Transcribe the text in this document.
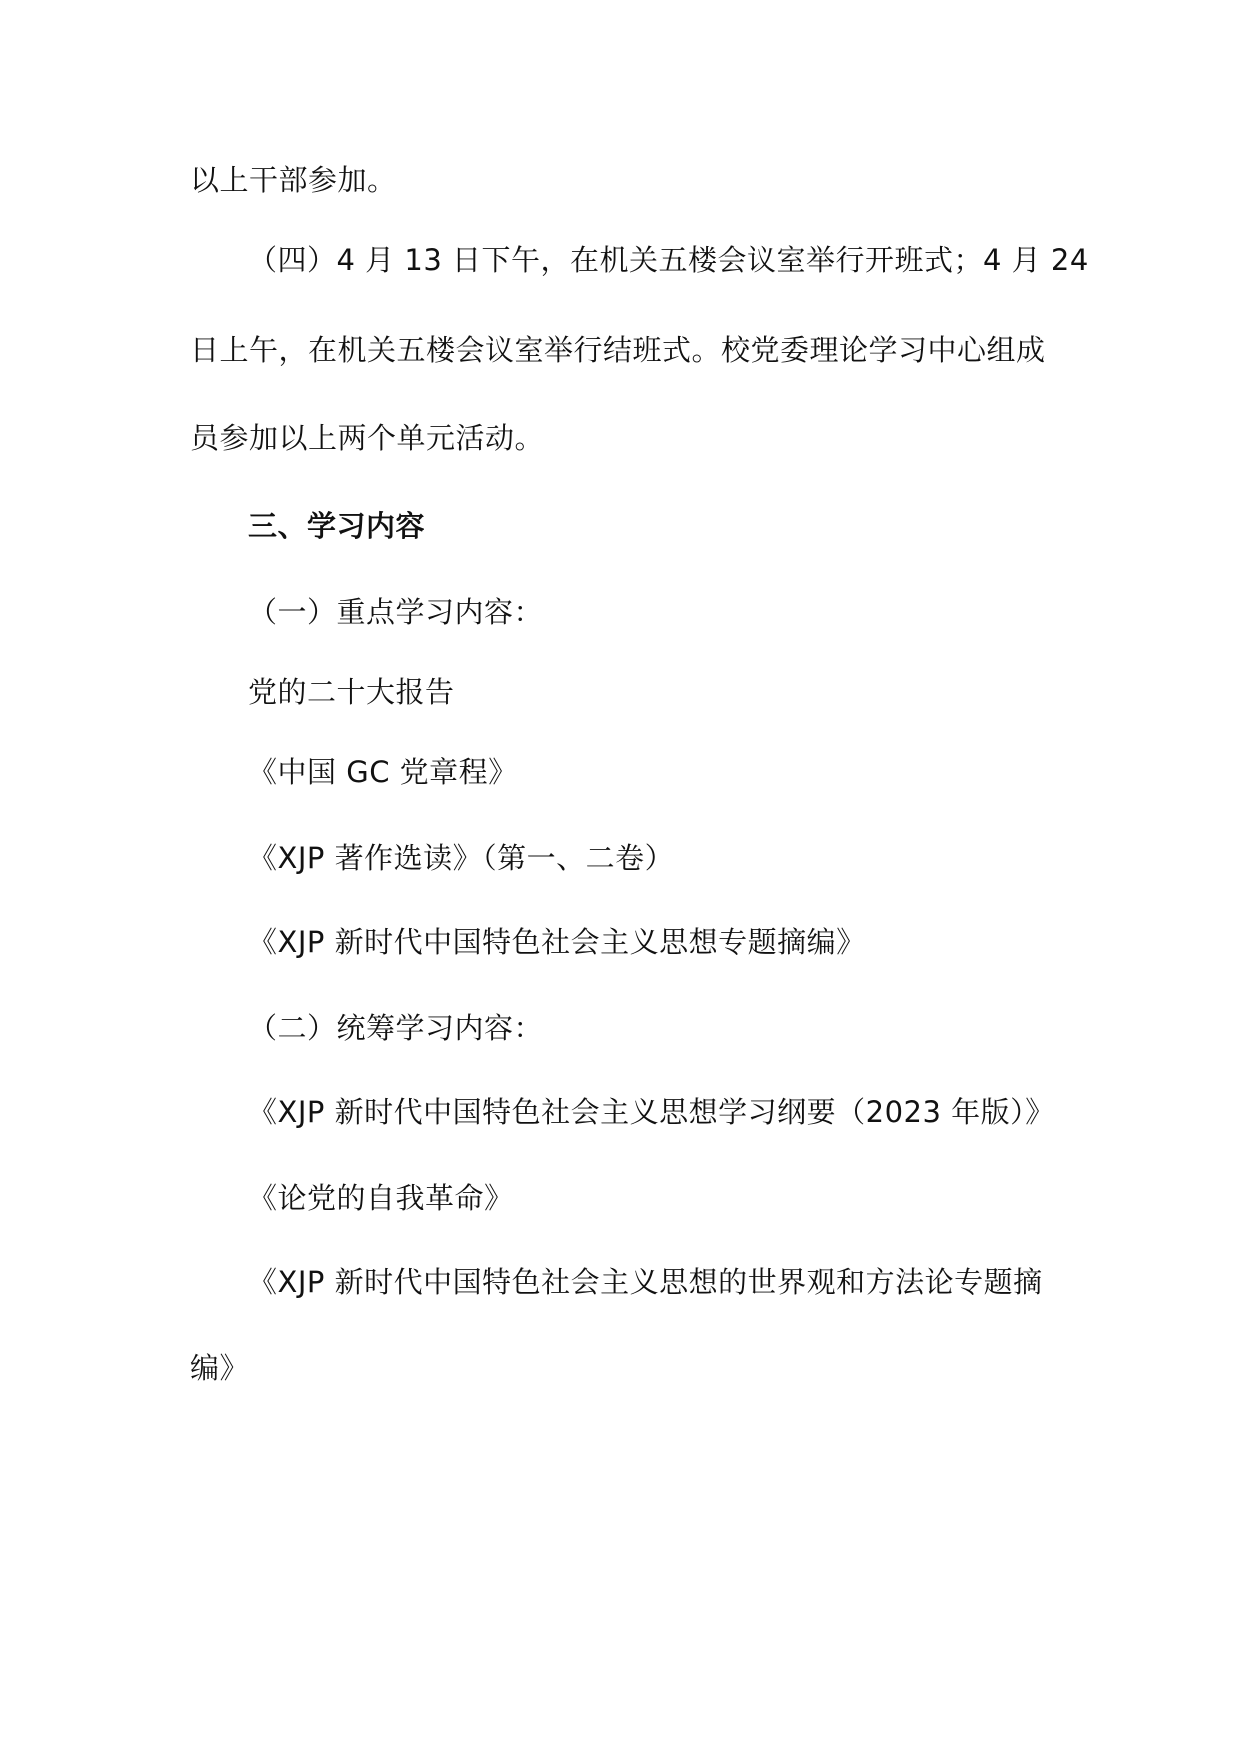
以上干部参加。
（四）4 月 13 日下午，在机关五楼会议室举行开班式；4 月 24
日上午，在机关五楼会议室举行结班式。校党委理论学习中心组成
员参加以上两个单元活动。
三、学习内容
（一）重点学习内容：
党的二十大报告
《中国 GC 党章程》
《XJP 著作选读》（第一、二卷）
《XJP 新时代中国特色社会主义思想专题摘编》
（二）统筹学习内容：
《XJP 新时代中国特色社会主义思想学习纲要（2023 年版）》
《论党的自我革命》
《XJP 新时代中国特色社会主义思想的世界观和方法论专题摘
编》
